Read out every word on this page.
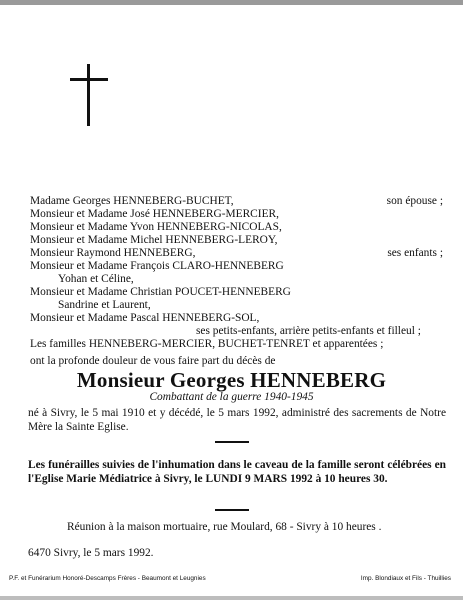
Madame Georges HENNEBERG-BUCHET,	son épouse ;
Monsieur et Madame José HENNEBERG-MERCIER,
Monsieur et Madame Yvon HENNEBERG-NICOLAS,
Monsieur et Madame Michel HENNEBERG-LEROY,
Monsieur Raymond HENNEBERG,	ses enfants ;
Monsieur et Madame François CLARO-HENNEBERG
Yohan et Céline,
Monsieur et Madame Christian POUCET-HENNEBERG
Sandrine et Laurent,
Monsieur et Madame Pascal HENNEBERG-SOL,
ses petits-enfants, arrière petits-enfants et filleul ;
Les familles HENNEBERG-MERCIER, BUCHET-TENRET et apparentées ;
ont la profonde douleur de vous faire part du décès de
Monsieur Georges HENNEBERG
Combattant de la guerre 1940-1945
né à Sivry, le 5 mai 1910 et y décédé, le 5 mars 1992, administré des sacrements de Notre Mère la Sainte Eglise.
Les funérailles suivies de l'inhumation dans le caveau de la famille seront célébrées en l'Eglise Marie Médiatrice à Sivry, le LUNDI 9 MARS 1992 à 10 heures 30.
Réunion à la maison mortuaire, rue Moulard, 68 - Sivry à 10 heures .
6470 Sivry, le 5 mars 1992.
P.F. et Funérarium Honoré-Descamps Frères - Beaumont et Leugnies	Imp. Blondiaux et Fils - Thuillies
